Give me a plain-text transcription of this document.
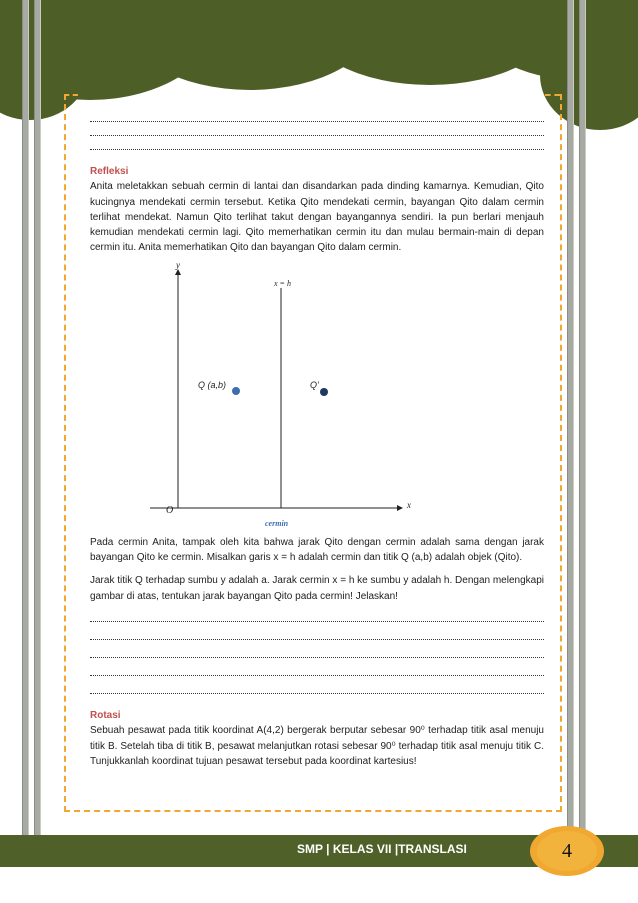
Refleksi
Anita meletakkan sebuah cermin di lantai dan disandarkan pada dinding kamarnya. Kemudian, Qito kucingnya mendekati cermin tersebut. Ketika Qito mendekati cermin, bayangan Qito dalam cermin terlihat mendekat. Namun Qito terlihat takut dengan bayangannya sendiri. Ia pun berlari menjauh kemudian mendekati cermin lagi. Qito memerhatikan cermin itu dan mulau bermain-main di depan cermin itu. Anita memerhatikan Qito dan bayangan Qito dalam cermin.
y
x
O
x = h
cermin
Q (a,b)	Q’
Pada cermin Anita, tampak oleh kita bahwa jarak Qito dengan cermin adalah sama dengan jarak bayangan Qito ke cermin. Misalkan garis x = h adalah cermin dan titik Q (a,b) adalah objek (Qito).
Jarak titik Q terhadap sumbu y adalah a. Jarak cermin x = h ke sumbu y adalah h. Dengan melengkapi gambar di atas, tentukan jarak bayangan Qito pada cermin! Jelaskan!
Rotasi
Sebuah pesawat pada titik koordinat A(4,2) bergerak berputar sebesar 90⁰ terhadap titik asal menuju titik B. Setelah tiba di titik B, pesawat melanjutkan rotasi sebesar 90⁰ terhadap titik asal menuju titik C. Tunjukkanlah koordinat tujuan pesawat tersebut pada koordinat kartesius!
SMP | KELAS VII |TRANSLASI	4
